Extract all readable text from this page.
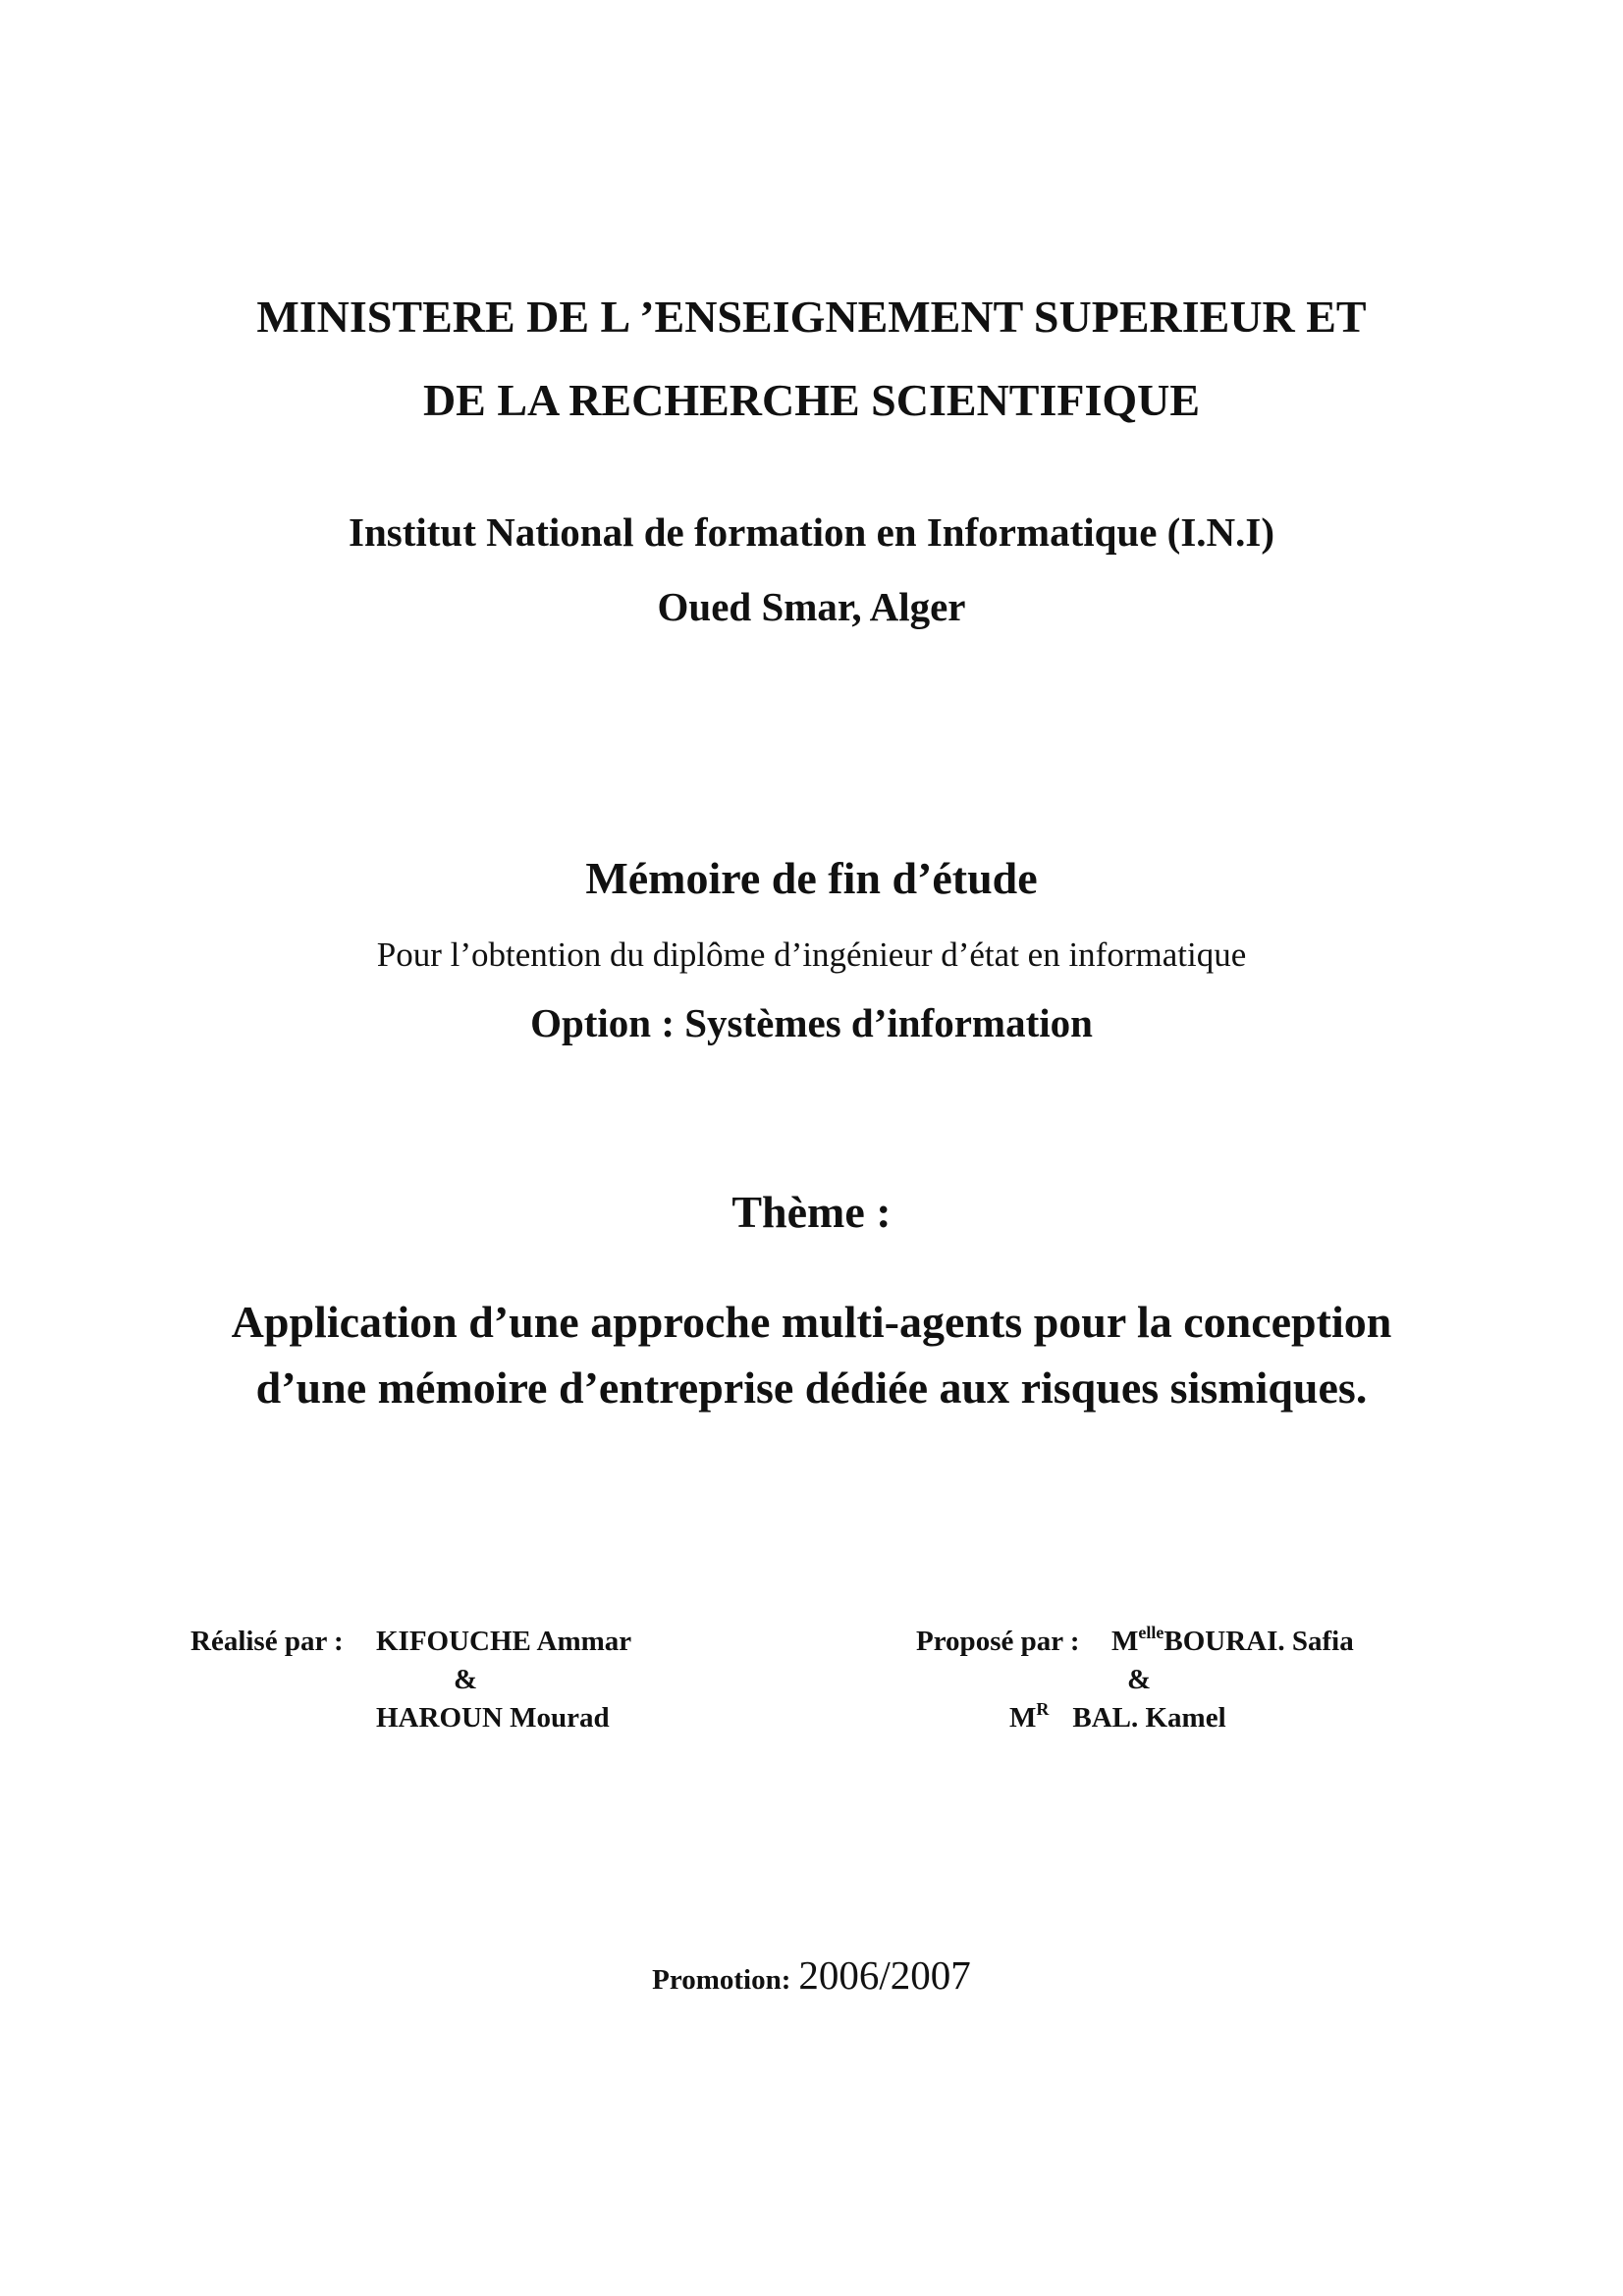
MINISTERE DE L ’ENSEIGNEMENT SUPERIEUR ET
DE LA RECHERCHE SCIENTIFIQUE
Institut National de formation en Informatique (I.N.I)
Oued Smar, Alger
Mémoire de fin d’étude
Pour l’obtention du diplôme d’ingénieur d’état en informatique
Option : Systèmes d’information
Thème :
Application d’une approche multi-agents pour la conception
d’une mémoire d’entreprise dédiée aux risques sismiques.
Réalisé par : KIFOUCHE Ammar
&
HAROUN Mourad
Proposé par : $M^{elle}BOURAI$. Safia
&
$M^R$ BAL. Kamel
Promotion: 2006/2007
